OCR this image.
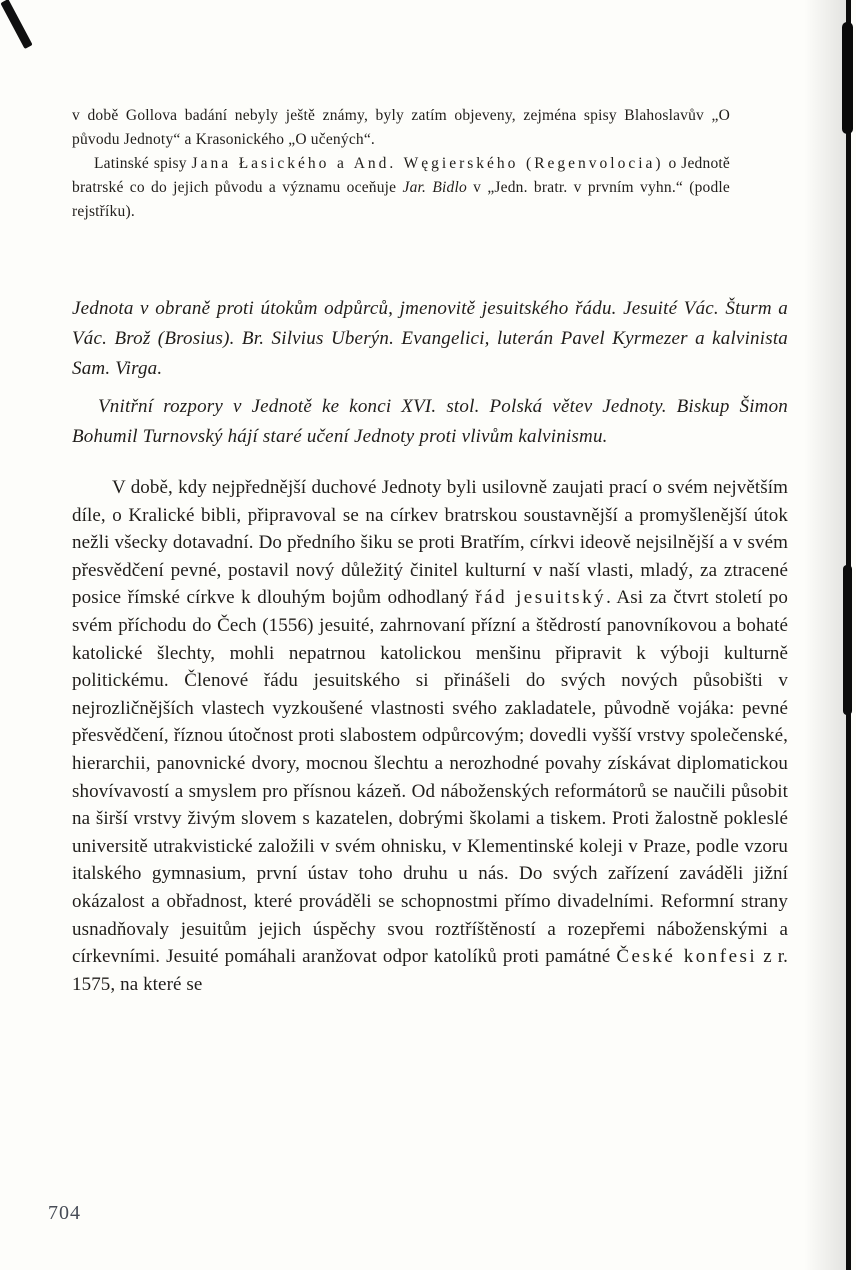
v době Gollova badání nebyly ještě známy, byly zatím objeveny, zejména spisy Blahoslavův „O původu Jednoty“ a Krasonického „O učených“.

Latinské spisy Jana Łasického a And. Węgierského (Regenvolocia) o Jednotě bratrské co do jejich původu a významu oceňuje Jar. Bidlo v „Jedn. bratr. v prvním vyhn.“ (podle rejstříku).

Jednota v obraně proti útokům odpůrců, jmenovitě jesuitského řádu. Jesuité Vác. Šturm a Vác. Brož (Brosius). Br. Silvius Uberýn. Evangelici, luterán Pavel Kyrmezer a kalvinista Sam. Virga.

Vnitřní rozpory v Jednotě ke konci XVI. stol. Polská větev Jednoty. Biskup Šimon Bohumil Turnovský hájí staré učení Jednoty proti vlivům kalvinismu.

V době, kdy nejpřednější duchové Jednoty byli usilovně zaujati prací o svém největším díle, o Kralické bibli, připravoval se na církev bratrskou soustavnější a promyšlenější útok nežli všecky dotavadní. Do předního šiku se proti Bratřím, církvi ideově nejsilnější a v svém přesvědčení pevné, postavil nový důležitý činitel kulturní v naší vlasti, mladý, za ztracené posice římské církve k dlouhým bojům odhodlaný řád jesuitský. Asi za čtvrt století po svém příchodu do Čech (1556) jesuité, zahrnovaní přízní a štědrostí panovníkovou a bohaté katolické šlechty, mohli nepatrnou katolickou menšinu připravit k výboji kulturně politickému. Členové řádu jesuitského si přinášeli do svých nových působišti v nejrozličnějších vlastech vyzkoušené vlastnosti svého zakladatele, původně vojáka: pevné přesvědčení, říznou útočnost proti slabostem odpůrcovým; dovedli vyšší vrstvy společenské, hierarchii, panovnické dvory, mocnou šlechtu a nerozhodné povahy získávat diplomatickou shovívavostí a smyslem pro přísnou kázeň. Od náboženských reformátorů se naučili působit na širší vrstvy živým slovem s kazatelen, dobrými školami a tiskem. Proti žalostně pokleslé universitě utrakvistické založili v svém ohnisku, v Klementinské koleji v Praze, podle vzoru italského gymnasium, první ústav toho druhu u nás. Do svých zařízení zaváděli jižní okázalost a obřadnost, které prováděli se schopnostmi přímo divadelními. Reformní strany usnadňovaly jesuitům jejich úspěchy svou roztříštěností a rozepřemi náboženskými a církevními. Jesuité pomáhali aranžovat odpor katolíků proti památné České konfesi z r. 1575, na které se

704
